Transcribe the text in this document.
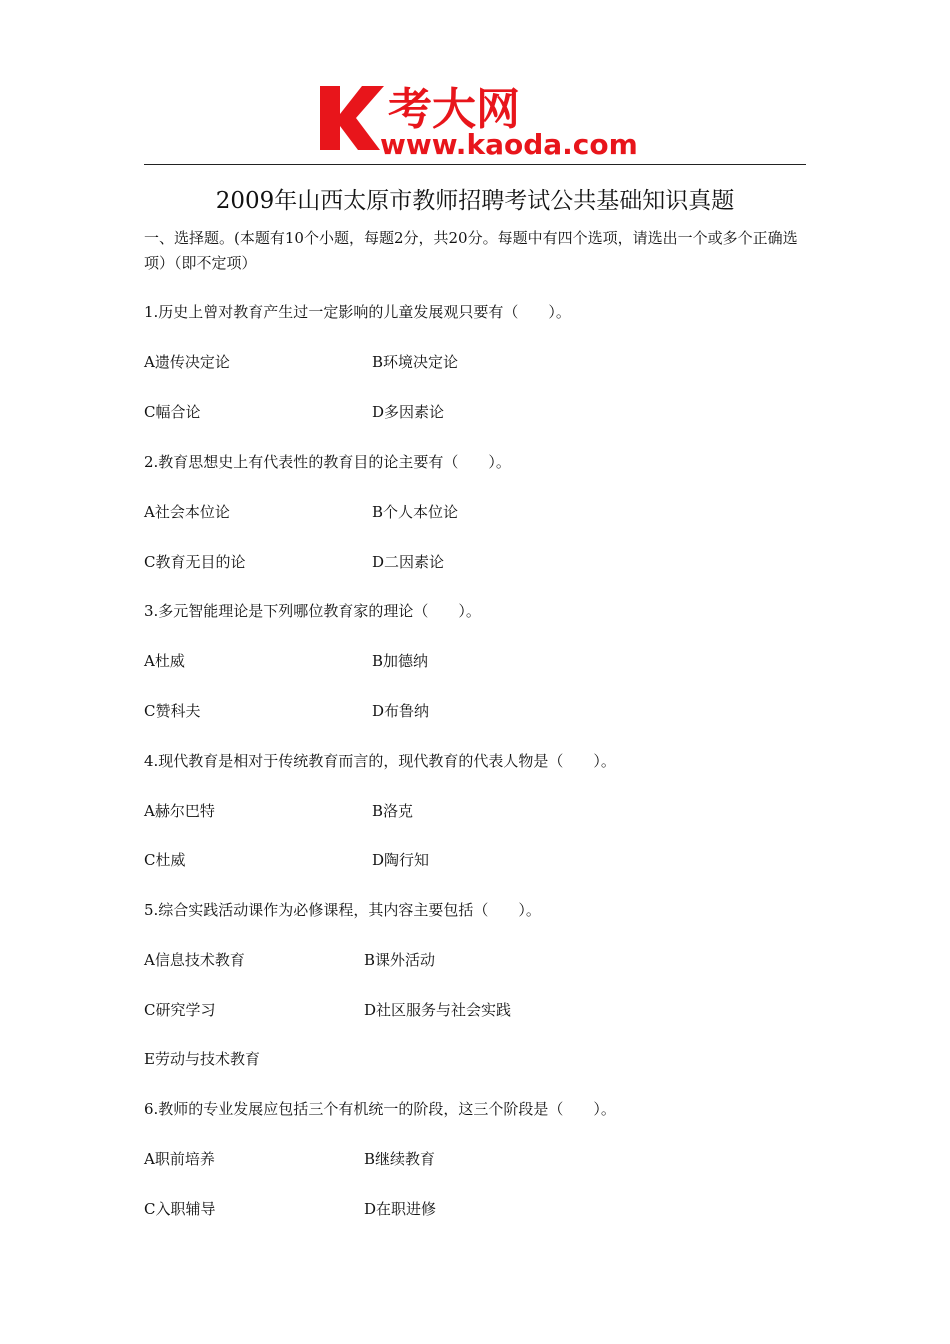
考大网
www.kaoda.com
2009年山西太原市教师招聘考试公共基础知识真题
一、选择题。(本题有10个小题，每题2分，共20分。每题中有四个选项，请选出一个或多个正确选项）（即不定项）
1.历史上曾对教育产生过一定影响的儿童发展观只要有（　　）。
A遗传决定论	B环境决定论
C幅合论	D多因素论
2.教育思想史上有代表性的教育目的论主要有（　　）。
A社会本位论	B个人本位论
C教育无目的论	D二因素论
3.多元智能理论是下列哪位教育家的理论（　　）。
A杜威	B加德纳
C赞科夫	D布鲁纳
4.现代教育是相对于传统教育而言的，现代教育的代表人物是（　　）。
A赫尔巴特	B洛克
C杜威	D陶行知
5.综合实践活动课作为必修课程，其内容主要包括（　　）。
A信息技术教育	B课外活动
C研究学习	D社区服务与社会实践
E劳动与技术教育
6.教师的专业发展应包括三个有机统一的阶段，这三个阶段是（　　）。
A职前培养	B继续教育
C入职辅导	D在职进修
